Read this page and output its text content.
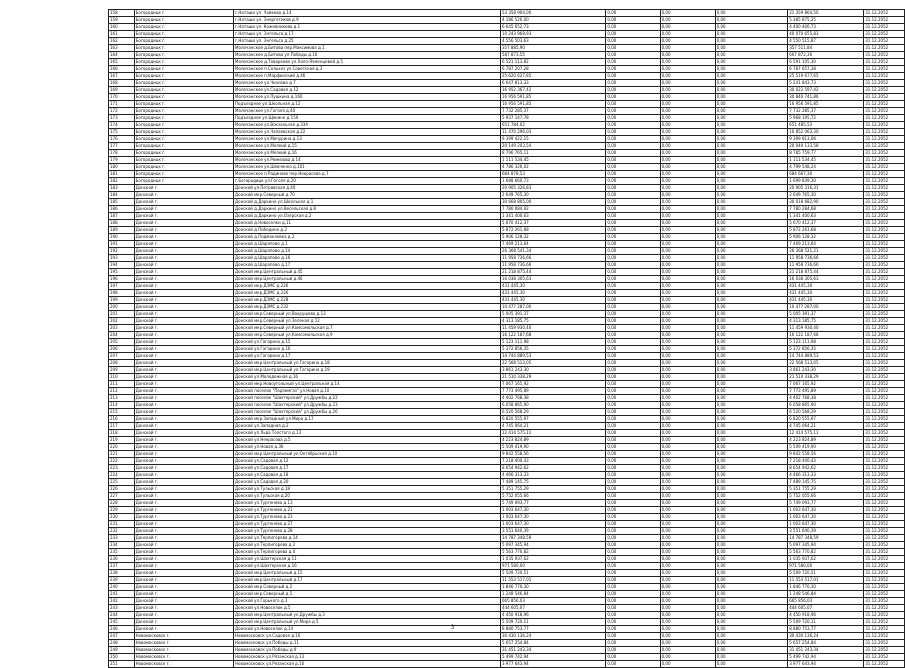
158	Богородицк г.	г.Наташи ул. Чайкова д.14	53 358 904,00	0,00	0,00	0,00	21 359 864,50	31.12.2052
159	Богородицк г.	г.Наташи ул. Энергетиков д.9	4 186 520,00	0,00	0,00	0,00	5 385 875,25	31.12.2052
160	Богородицк г.	г.Наташи ул. Кожевникова д.1	6 645 652,73	0,00	0,00	0,00	4 400 400,73	31.12.2052
161	Богородицк г.	г.Наташи ул. Энгельса д.17	10 243 968,93	0,00	0,00	0,00	40 070 655,83	31.12.2052
162	Богородицк г.	г.Наташи ул. Энгельса д.25	4 556 503,63	0,00	0,00	0,00	4 550 515,87	31.12.2052
163	Богородицк г.	Молочанское д.Битова пер.Максимова д.1	357 885,90	0,00	0,00	0,00	357 511,84	31.12.2052
164	Богородицк г.	Молочанское д.Битова ул.Победы д.16	587 873,55	0,00	0,00	0,00	607 872,36	31.12.2052
165	Богородицк г.	Молочанское д.Товарково ул.Хала-Ячменцевой д.5	6 521 113,82	0,00	0,00	0,00	6 591 105,30	31.12.2052
166	Богородицк г.	Молочанское п.Сельхоз ул.Советская д.3	6 787 207,28	0,00	0,00	0,00	6 787 657,38	31.12.2052
167	Богородицк г.	Молочанское п.Марфинский д.46	25 620 627,85	0,00	0,00	0,00	25 519 677,65	31.12.2052
168	Богородицк г.	Молочанское ул.Чкалова д.7	6 647 813,33	0,00	0,00	0,00	5 241 843,73	31.12.2052
169	Богородицк г.	Молочанское ул.Садовая д.12	16 952 367,42	0,00	0,00	0,00	30 022 597,42	31.12.2052
170	Богородицк г.	Молочанское ул.Пушкина д.160	16 956 591,85	0,00	0,00	0,00	30 840 741,86	31.12.2052
171	Богородицк г.	Подъездное ул.Школьная д.12	16 956 591,85	0,00	0,00	0,00	16 956 591,85	31.12.2052
172	Богородицк г.	Молочанское ул.Гоголя д.40	7 732 285,37	0,00	0,00	0,00	7 732 285,37	31.12.2052
173	Богородицк г.	Подъездное ул.Щекино д.150	5 937 147,78	0,00	0,00	0,00	5 968 195,72	31.12.2052
174	Богородицк г.	Молочанское ул.Вокзальная д.33А	651 784,02	0,00	0,00	0,00	651 485,53	31.12.2052
175	Богородицк г.	Молочанское ул.Чапаевская д.22	11 470 296,03	0,00	0,00	0,00	10 852 063,30	31.12.2052
176	Богородицк г.	Молочанское ул.Мичурина д.13	9 399 422,15	0,00	0,00	0,00	9 399 813,06	31.12.2052
177	Богородицк г.	Молочанское ул.Мелкий д.15	20 149 203,54	0,00	0,00	0,00	20 049 133,58	31.12.2052
178	Богородицк г.	Молочанское ул.Мелкий д.16	8 796 765,11	0,00	0,00	0,00	8 785 759,77	31.12.2052
179	Богородицк г.	Молочанское ул.Ремизова д.14	1 111 534,45	0,00	0,00	0,00	1 111 534,45	31.12.2052
180	Богородицк г.	Молочанское ул.Шевченко д.101	4 786 326,02	0,00	0,00	0,00	4 799 548,24	31.12.2052
181	Богородицк г.	Молочанское п.Радиново пер.Некрасова д.7	684 878,53	0,00	0,00	0,00	684 667,30	31.12.2052
182	Богородицк г.	г.Богородицк ул.Гоголя д.20	1 688 660,73	0,00	0,00	0,00	1 699 839,30	31.12.2052
183	Донской г.	Донской ул.Петровская д.40	20 905 326,83	0,00	0,00	0,00	20 905 316,31	31.12.2052
184	Донской г.	Донской мкр.Северный д.70	2 649 765,30	0,00	0,00	0,00	2 649 765,30	31.12.2052
185	Донской г.	Донской д.Даркино ул.Школьная д.1	30 668 805,00	0,00	0,00	0,00	30 018 682,90	31.12.2052
186	Донской г.	Донской д.Даркино ул.Весельская д.8	7 780 084,92	0,00	0,00	0,00	7 780 284,68	31.12.2052
187	Донской г.	Донской д.Даркино ул.Озерская д.2	1 341 400,63	0,00	0,00	0,00	1 341 400,63	31.12.2052
188	Донской г.	Донской д.Новоселки д.11	5 670 412,37	0,00	0,00	0,00	5 670 412,37	31.12.2052
189	Донской г.	Донской д.Победино д.2	5 872 261,68	0,00	0,00	0,00	5 872 261,68	31.12.2052
190	Донской г.	Донской д.Подмокловка д.2	5 906 128,32	0,00	0,00	0,00	5 906 128,32	31.12.2052
191	Донской г.	Донской д.Шарапово д.1	7 469 213,64	0,00	0,00	0,00	7 469 213,64	31.12.2052
192	Донской г.	Донской д.Шарапово д.14	26 368 541,34	0,00	0,00	0,00	26 368 521,21	31.12.2052
193	Донской г.	Донской д.Шарапово д.16	11 958 736,66	0,00	0,00	0,00	11 958 736,66	31.12.2052
194	Донской г.	Донской д.Шарапово д.17	11 958 736,66	0,00	0,00	0,00	11 958 736,66	31.12.2052
195	Донской г.	Донской мкр.Центральный д.45	21 218 875,44	0,00	0,00	0,00	21 218 875,44	31.12.2052
196	Донской г.	Донской мкр.Центральный д.46	16 038 305,63	0,00	0,00	0,00	16 038 305,63	31.12.2052
197	Донской г.	Донской мкр.ДЗМС д.226	431 445,30	0,00	0,00	0,00	431 445,30	31.12.2052
198	Донской г.	Донской мкр.ДЗМС д.226	431 445,30	0,00	0,00	0,00	431 445,30	31.12.2052
199	Донской г.	Донской мкр.ДЗМС д.228	431 445,30	0,00	0,00	0,00	431 445,30	31.12.2052
200	Донской г.	Донской мкр.ДЗМС д.232	10 477 287,00	0,00	0,00	0,00	10 477 287,00	31.12.2052
201	Донской г.	Донской мкр.Северный ул.Вахрушева д.13	5 005 391,37	0,00	0,00	0,00	5 005 391,37	31.12.2052
202	Донской г.	Донской мкр.Северный ул.Зеленая д.12	4 313 185,75	0,00	0,00	0,00	4 313 185,75	31.12.2052
203	Донской г.	Донской мкр.Северный ул.Комсомольская д.7	11 459 930,40	0,00	0,00	0,00	11 459 930,40	31.12.2052
204	Донской г.	Донской мкр.Северный ул.Комсомольская д.9	16 122 187,68	0,00	0,00	0,00	16 122 187,68	31.12.2052
205	Донской г.	Донской ул.Гагарина д.15	5 123 111,98	0,00	0,00	0,00	5 123 111,98	31.12.2052
206	Донской г.	Донской ул.Гагарина д.16	5 372 856,35	0,00	0,00	0,00	5 372 856,35	31.12.2052
207	Донской г.	Донской ул.Гагарина д.17	14 744 889,53	0,00	0,00	0,00	14 744 889,53	31.12.2052
208	Донской г.	Донской мкр.Центральный ул.Гагарина д.18	22 568 513,05	0,00	0,00	0,00	22 568 513,05	31.12.2052
209	Донской г.	Донской мкр.Центральный ул.Гагарина д.19	3 861 243,30	0,00	0,00	0,00	3 861 243,30	31.12.2052
210	Донской г.	Донской ул.Молодежная д.16	21 510 338,29	0,00	0,00	0,00	21 510 338,29	31.12.2052
211	Донской г.	Донской мкр.Новоугольный ул.Центральная д.14	7 067 165,92	0,00	0,00	0,00	7 067 165,92	31.12.2052
212	Донской г.	Донской поселок "Подземгаз" ул.Новая д.10	7 773 495,89	0,00	0,00	0,00	7 773 495,89	31.12.2052
213	Донской г.	Донской поселок "Шахтерский" ул.Дружбы д.22	4 402 768,38	0,00	0,00	0,00	4 402 768,38	31.12.2052
214	Донской г.	Донской поселок "Шахтерский" ул.Дружбы д.23	6 058 865,90	0,00	0,00	0,00	6 058 865,90	31.12.2052
215	Донской г.	Донской поселок "Шахтерский" ул.Дружбы д.26	6 520 568,29	0,00	0,00	0,00	6 520 568,29	31.12.2052
216	Донской г.	Донской мкр.Западный ул.Мира д.17	6 820 555,97	0,00	0,00	0,00	6 820 555,97	31.12.2052
217	Донской г.	Донской ул.Западная д.2	4 745 064,21	0,00	0,00	0,00	4 745 064,21	31.12.2052
218	Донской г.	Донской ул.Льва Толстого д.13	12 414 575,11	0,00	0,00	0,00	12 414 575,11	31.12.2052
219	Донской г.	Донской ул.Некрасова д.5	4 223 824,89	0,00	0,00	0,00	4 223 824,89	31.12.2052
220	Донской г.	Донской ул.Новая д.36	5 509 419,90	0,00	0,00	0,00	5 509 419,90	31.12.2052
221	Донской г.	Донской мкр.Центральный ул.Октябрьская д.10	9 842 558,56	0,00	0,00	0,00	9 842 558,56	31.12.2052
222	Донской г.	Донской ул.Садовая д.12	7 218 400,43	0,00	0,00	0,00	7 218 400,43	31.12.2052
223	Донской г.	Донской ул.Садовая д.17	8 654 942,62	0,00	0,00	0,00	8 654 942,62	31.12.2052
224	Донской г.	Донской ул.Садовая д.18	4 466 313,33	0,00	0,00	0,00	4 466 313,33	31.12.2052
225	Донской г.	Донской ул.Садовая д.20	7 489 145,75	0,00	0,00	0,00	7 489 145,75	31.12.2052
226	Донской г.	Донской ул.Тульская д.18	5 351 755,29	0,00	0,00	0,00	5 351 755,29	31.12.2052
227	Донской г.	Донской ул.Тульская д.20	5 752 055,66	0,00	0,00	0,00	5 752 055,66	31.12.2052
228	Донской г.	Донской ул.Тургенева д.13	5 749 093,77	0,00	0,00	0,00	5 749 093,77	31.12.2052
229	Донской г.	Донской ул.Тургенева д.21	1 003 647,30	0,00	0,00	0,00	1 003 647,30	31.12.2052
230	Донской г.	Донской ул.Тургенева д.23	1 003 647,30	0,00	0,00	0,00	1 003 647,30	31.12.2052
231	Донской г.	Донской ул.Тургенева д.27	1 003 647,30	0,00	0,00	0,00	1 003 647,30	31.12.2052
232	Донской г.	Донской ул.Тургенева д.28	3 551 640,39	0,00	0,00	0,00	3 551 640,39	31.12.2052
233	Донской г.	Донской ул.Терпигорева д.14	14 787 348,59	0,00	0,00	0,00	14 787 348,59	31.12.2052
234	Донской г.	Донской ул.Терпигорева д.2	5 097 345,94	0,00	0,00	0,00	5 097 345,94	31.12.2052
235	Донской г.	Донской ул.Терпигорева д.4	5 563 770,82	0,00	0,00	0,00	5 563 770,82	31.12.2052
236	Донской г.	Донской ул.Шахтерская д.11	1 035 937,62	0,00	0,00	0,00	1 035 937,62	31.12.2052
237	Донской г.	Донской ул.Шахтерская д.16	971 580,00	0,00	0,00	0,00	971 580,00	31.12.2052
238	Донской г.	Донской мкр.Центральный д.15	5 509 720,51	0,00	0,00	0,00	5 509 720,51	31.12.2052
239	Донской г.	Донской мкр.Центральный д.17	11 553 517,01	0,00	0,00	0,00	11 553 517,01	31.12.2052
240	Донской г.	Донской мкр.Северный д.2	1 846 770,30	0,00	0,00	0,00	1 846 770,30	31.12.2052
241	Донской г.	Донской мкр.Северный д.5	1 248 546,84	0,00	0,00	0,00	1 248 546,84	31.12.2052
242	Донской г.	Донской ул.Горького д.3	665 856,03	0,00	0,00	0,00	665 856,03	31.12.2052
243	Донской г.	Донской ул.Новоселок д.5	444 605,07	0,00	0,00	0,00	444 605,07	31.12.2052
244	Донской г.	Донской мкр.Центральный ул.Дружбы д.3	4 450 918,96	0,00	0,00	0,00	4 450 918,96	31.12.2052
245	Донской г.	Донской мкр.Центральный ул.Мира д.5	5 509 720,11	0,00	0,00	0,00	5 509 720,11	31.12.2052
246	Донской г.	Донской ул.Новоселок д.14	8 880 753,77	0,00	0,00	0,00	8 880 753,77	31.12.2052
247	Новомосковск г.	Новомосковск ул.Садовая д.16	30 430 136,24	0,00	0,00	0,00	30 430 136,24	31.12.2052
248	Новомосковск г.	Новомосковск ул.Победы д.11	5 657 254,84	0,00	0,00	0,00	5 657 254,84	31.12.2052
249	Новомосковск г.	Новомосковск ул.Победы д.9	31 451 243,34	0,00	0,00	0,00	31 451 243,34	31.12.2052
250	Новомосковск г.	Новомосковск ул.Рязанская д.13	5 499 742,94	0,00	0,00	0,00	5 499 742,94	31.12.2052
251	Новомосковск г.	Новомосковск ул.Рязанская д.16	3 977 643,94	0,00	0,00	0,00	3 977 643,94	31.12.2052
3
